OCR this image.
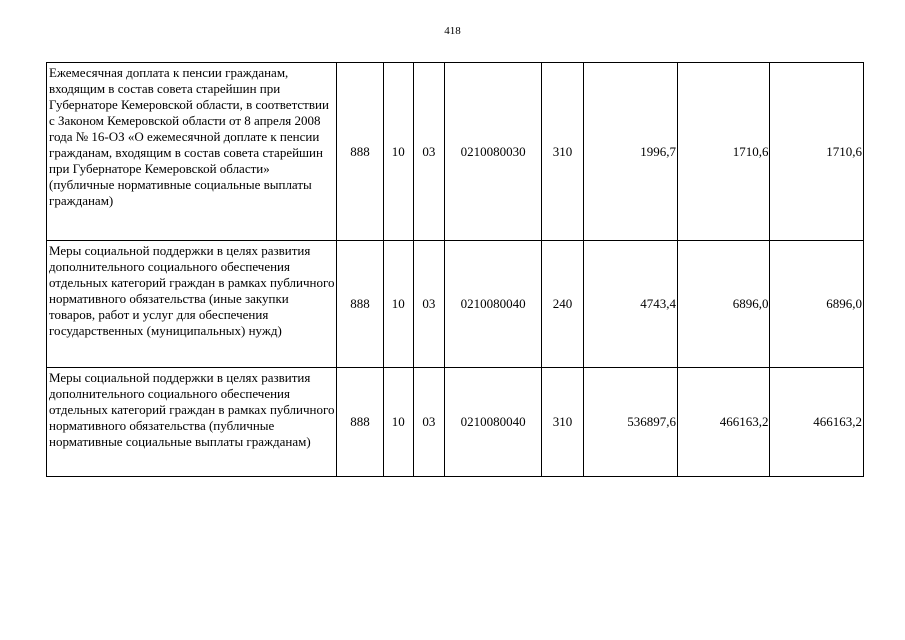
418
Ежемесячная доплата к пенсии гражданам, входящим в состав совета старейшин при Губернаторе Кемеровской области, в соответствии с Законом Кемеровской области от 8 апреля 2008 года № 16-ОЗ «О ежемесячной доплате к пенсии гражданам, входящим в состав совета старейшин при Губернаторе Кемеровской области» (публичные нормативные социальные выплаты гражданам)	888	10	03	0210080030	310	1996,7	1710,6	1710,6
Меры социальной поддержки в целях развития дополнительного социального обеспечения отдельных категорий граждан в рамках публичного нормативного обязательства (иные закупки товаров, работ и услуг для обеспечения государственных (муниципальных) нужд)	888	10	03	0210080040	240	4743,4	6896,0	6896,0
Меры социальной поддержки в целях развития дополнительного социального обеспечения отдельных категорий граждан в рамках публичного нормативного обязательства (публичные нормативные социальные выплаты гражданам)	888	10	03	0210080040	310	536897,6	466163,2	466163,2
